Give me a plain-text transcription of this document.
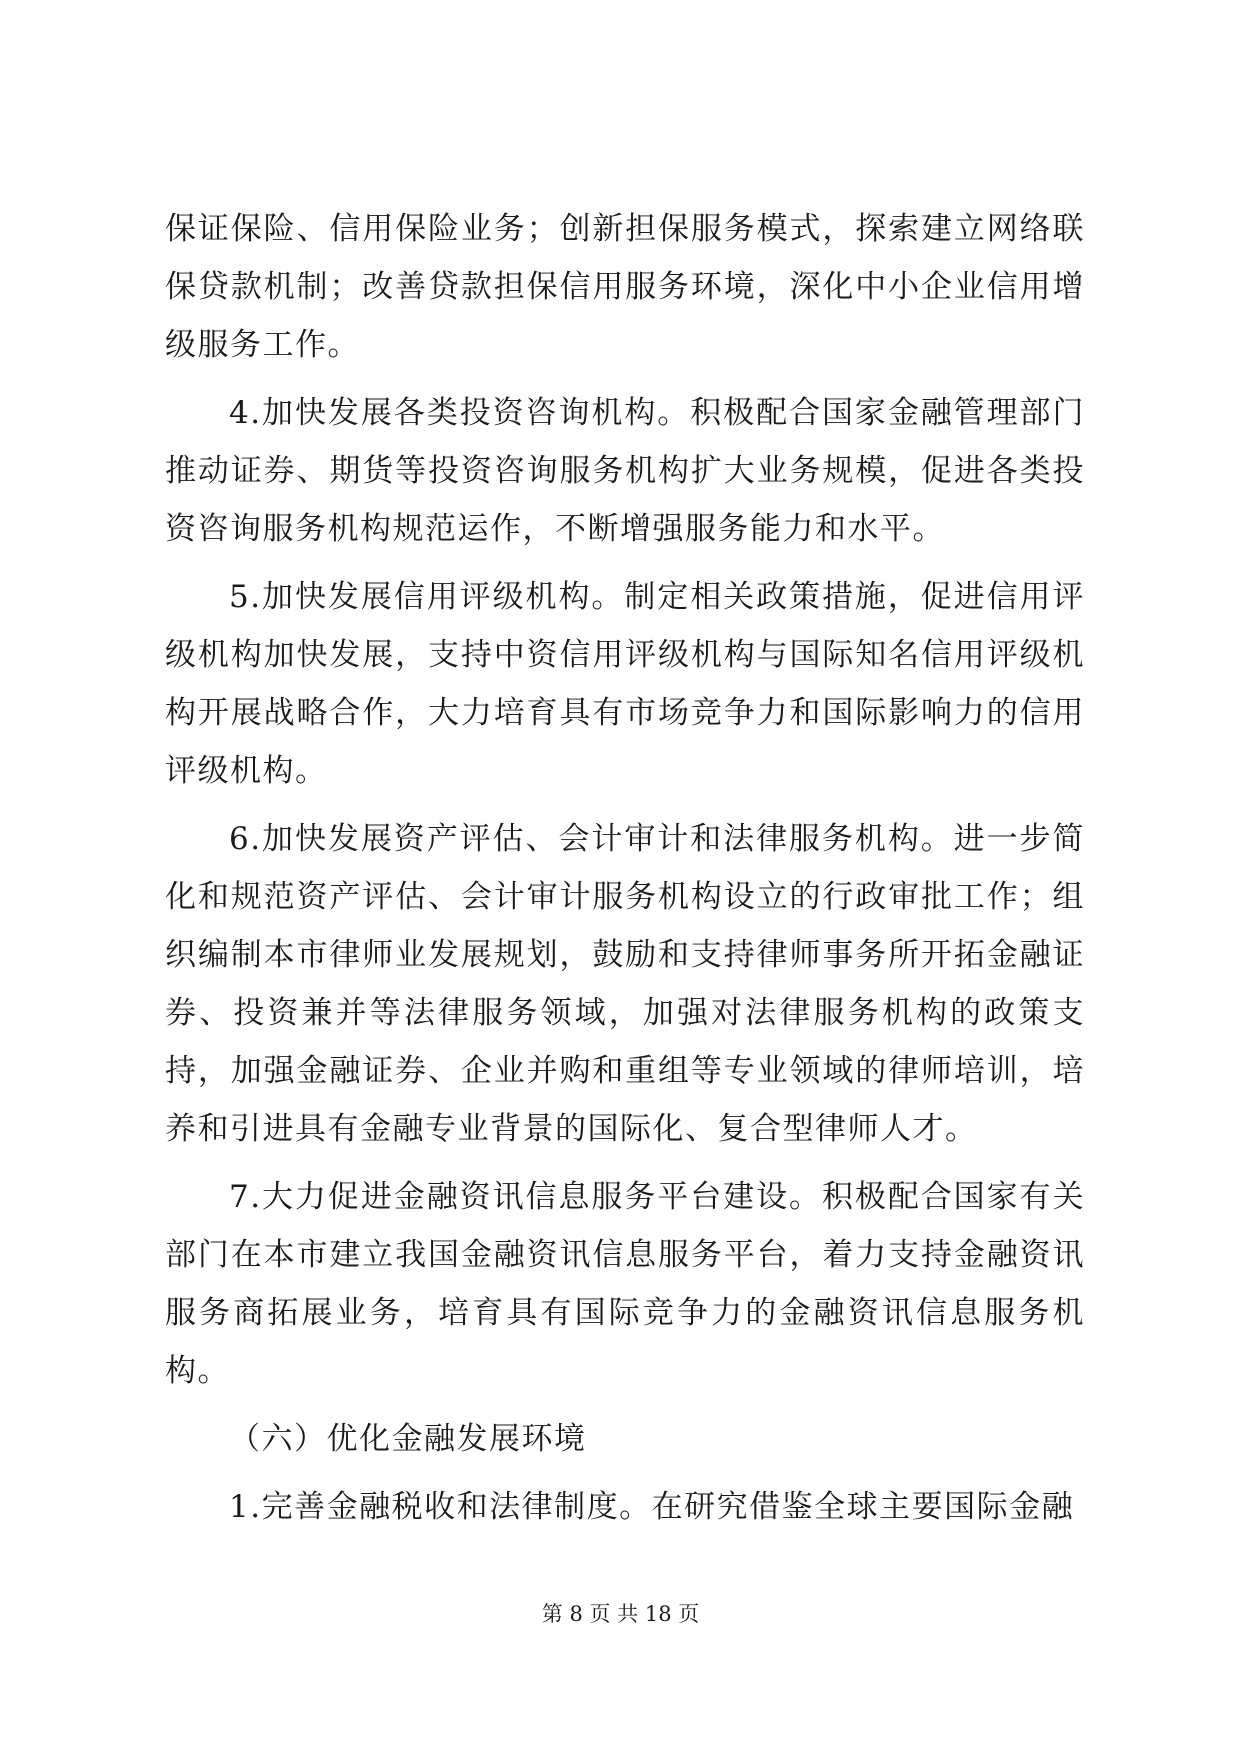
保证保险、信用保险业务；创新担保服务模式，探索建立网络联保贷款机制；改善贷款担保信用服务环境，深化中小企业信用增级服务工作。

4.加快发展各类投资咨询机构。积极配合国家金融管理部门推动证券、期货等投资咨询服务机构扩大业务规模，促进各类投资咨询服务机构规范运作，不断增强服务能力和水平。

5.加快发展信用评级机构。制定相关政策措施，促进信用评级机构加快发展，支持中资信用评级机构与国际知名信用评级机构开展战略合作，大力培育具有市场竞争力和国际影响力的信用评级机构。

6.加快发展资产评估、会计审计和法律服务机构。进一步简化和规范资产评估、会计审计服务机构设立的行政审批工作；组织编制本市律师业发展规划，鼓励和支持律师事务所开拓金融证券、投资兼并等法律服务领域，加强对法律服务机构的政策支持，加强金融证券、企业并购和重组等专业领域的律师培训，培养和引进具有金融专业背景的国际化、复合型律师人才。

7.大力促进金融资讯信息服务平台建设。积极配合国家有关部门在本市建立我国金融资讯信息服务平台，着力支持金融资讯服务商拓展业务，培育具有国际竞争力的金融资讯信息服务机构。

（六）优化金融发展环境

1.完善金融税收和法律制度。在研究借鉴全球主要国际金融

第 8 页 共 18 页
